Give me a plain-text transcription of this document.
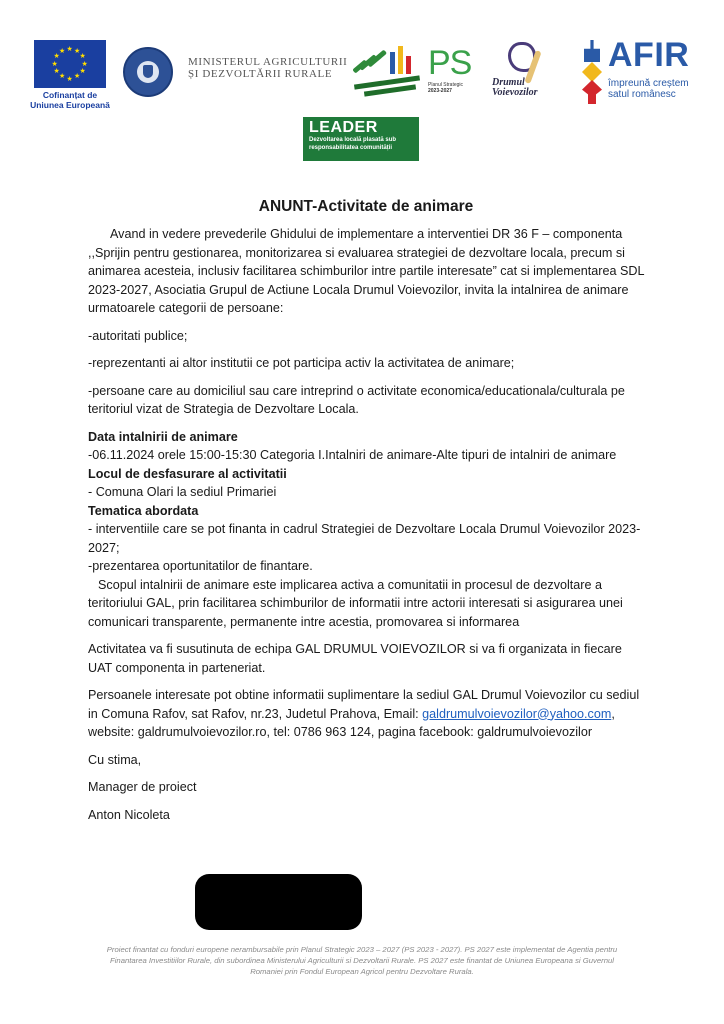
★ ★
★
★
★
★
★
★
★
★
★
★
Cofinanțat de
Uniunea Europeană
MINISTERUL AGRICULTURII
ȘI DEZVOLTĂRII RURALE	PS
Planul Strategic
2023-2027
Drumul
Voievozilor
AFIR
împreună creștem
satul românesc
LEADER
Dezvoltarea locală plasată sub
responsabilitatea comunității
ANUNT-Activitate de animare

Avand in vedere prevederile Ghidului de implementare a interventiei DR 36 F – componenta ,,Sprijin pentru gestionarea, monitorizarea si evaluarea strategiei de dezvoltare locala, precum si animarea acesteia, inclusiv facilitarea schimburilor intre partile interesate” cat si implementarea SDL 2023-2027, Asociatia Grupul de Actiune Locala Drumul Voievozilor, invita la intalnirea de animare urmatoarele categorii de persoane:

-autoritati publice;

-reprezentanti ai altor institutii ce pot participa activ la activitatea de animare;

-persoane care au domiciliul sau care intreprind o activitate economica/educationala/culturala pe teritoriul vizat de Strategia de Dezvoltare Locala.

Data intalnirii de animare
-06.11.2024 orele 15:00-15:30 Categoria I.Intalniri de animare-Alte tipuri de intalniri de animare
Locul de desfasurare al activitatii
- Comuna Olari la sediul Primariei
Tematica abordata
- interventiile care se pot finanta in cadrul Strategiei de Dezvoltare Locala Drumul Voievozilor 2023-2027;
-prezentarea oportunitatilor de finantare.

Scopul intalnirii de animare este implicarea activa a comunitatii in procesul de dezvoltare a teritoriului GAL, prin facilitarea schimburilor de informatii intre actorii interesati si asigurarea unei comunicari transparente, permanente intre acestia, promovarea si informarea

Activitatea va fi susutinuta de echipa GAL DRUMUL VOIEVOZILOR si va fi organizata in fiecare UAT componenta in parteneriat.

Persoanele interesate pot obtine informatii suplimentare la sediul GAL Drumul Voievozilor cu sediul in Comuna Rafov, sat Rafov, nr.23, Judetul Prahova, Email: galdrumulvoievozilor@yahoo.com, website: galdrumulvoievozilor.ro, tel: 0786 963 124, pagina facebook: galdrumulvoievozilor

Cu stima,

Manager de proiect

Anton Nicoleta

Proiect finantat cu fonduri europene nerambursabile prin Planul Strategic 2023 – 2027 (PS 2023 - 2027). PS 2027 este implementat de Agentia pentru Finantarea Investitiilor Rurale, din subordinea Ministerului Agriculturii si Dezvoltarii Rurale. PS 2027 este finantat de Uniunea Europeana si Guvernul Romaniei prin Fondul European Agricol pentru Dezvoltare Rurala.
